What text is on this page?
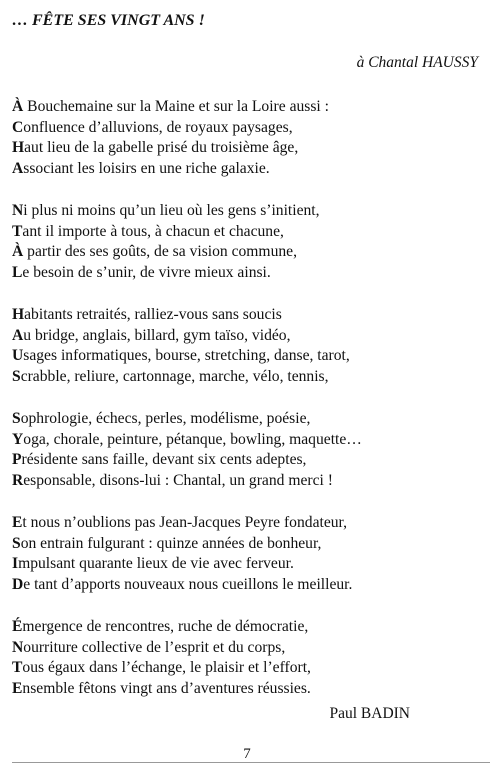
… FÊTE SES VINGT ANS !
à Chantal HAUSSY
À Bouchemaine sur la Maine et sur la Loire aussi :
Confluence d’alluvions, de royaux paysages,
Haut lieu de la gabelle prisé du troisième âge,
Associant les loisirs en une riche galaxie.
Ni plus ni moins qu’un lieu où les gens s’initient,
Tant il importe à tous, à chacun et chacune,
À partir des ses goûts, de sa vision commune,
Le besoin de s’unir, de vivre mieux ainsi.
Habitants retraités, ralliez-vous sans soucis
Au bridge, anglais, billard, gym taïso, vidéo,
Usages informatiques, bourse, stretching, danse, tarot,
Scrabble, reliure, cartonnage, marche, vélo, tennis,
Sophrologie, échecs, perles, modélisme, poésie,
Yoga, chorale, peinture, pétanque, bowling, maquette…
Présidente sans faille, devant six cents adeptes,
Responsable, disons-lui : Chantal, un grand merci !
Et nous n’oublions pas Jean-Jacques Peyre fondateur,
Son entrain fulgurant : quinze années de bonheur,
Impulsant quarante lieux de vie avec ferveur.
De tant d’apports nouveaux nous cueillons le meilleur.
Émergence de rencontres, ruche de démocratie,
Nourriture collective de l’esprit et du corps,
Tous égaux dans l’échange, le plaisir et l’effort,
Ensemble fêtons vingt ans d’aventures réussies.
Paul BADIN
7
